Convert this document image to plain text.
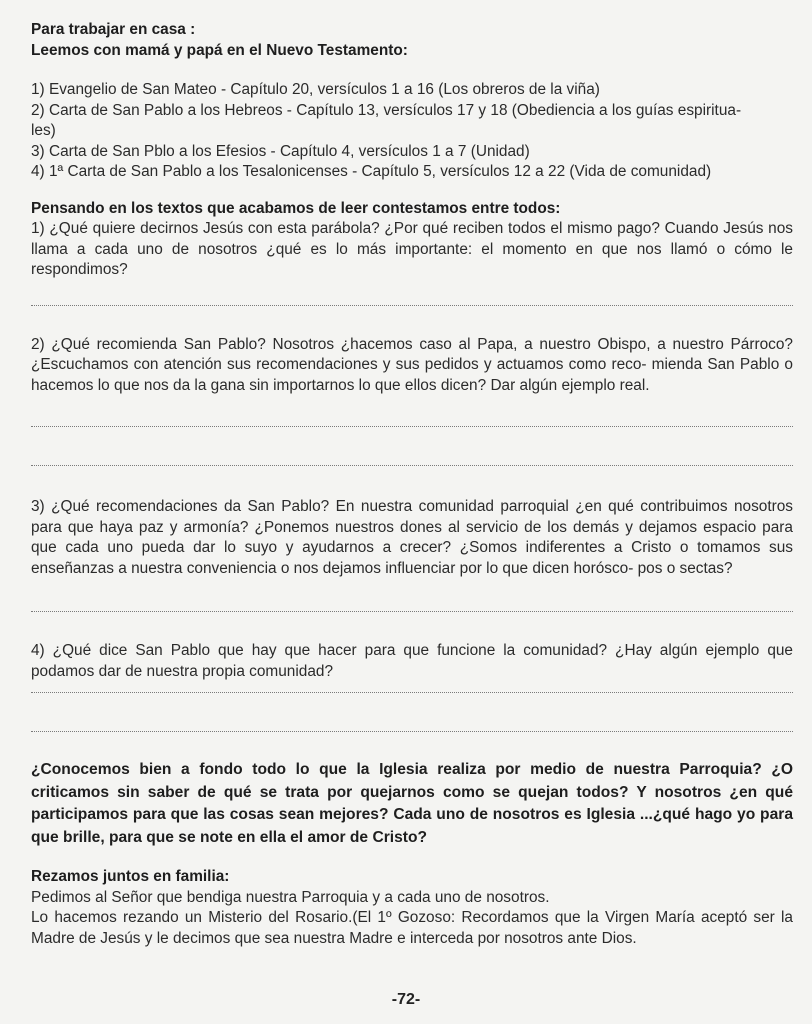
Para trabajar en casa :

Leemos con mamá y papá en el Nuevo Testamento:

1) Evangelio de San Mateo - Capítulo 20, versículos 1 a 16 (Los obreros de la viña)

2) Carta de San Pablo a los Hebreos - Capítulo 13, versículos 17 y 18 (Obediencia a los guías espiritua-

les)

3) Carta de San Pblo a los Efesios - Capítulo 4, versículos 1 a 7 (Unidad)

4) 1ª Carta de San Pablo a los Tesalonicenses - Capítulo 5, versículos 12 a 22 (Vida de comunidad)

Pensando en los textos que acabamos de leer contestamos entre todos:

1) ¿Qué quiere decirnos Jesús con esta parábola? ¿Por qué reciben todos el mismo pago? Cuando Jesús nos llama a cada uno de nosotros ¿qué es lo más importante: el momento en que nos llamó o cómo le respondimos?

2) ¿Qué recomienda San Pablo? Nosotros ¿hacemos caso al Papa, a nuestro Obispo, a nuestro Párroco? ¿Escuchamos con atención sus recomendaciones y sus pedidos y actuamos como reco- mienda San Pablo o hacemos lo que nos da la gana sin importarnos lo que ellos dicen? Dar algún ejemplo real.

3) ¿Qué recomendaciones da San Pablo? En nuestra comunidad parroquial ¿en qué contribuimos nosotros para que haya paz y armonía? ¿Ponemos nuestros dones al servicio de los demás y dejamos espacio para que cada uno pueda dar lo suyo y ayudarnos a crecer? ¿Somos indiferentes a Cristo o tomamos sus enseñanzas a nuestra conveniencia o nos dejamos influenciar por lo que dicen horósco- pos o sectas?

4) ¿Qué dice San Pablo que hay que hacer para que funcione la comunidad? ¿Hay algún ejemplo que podamos dar de nuestra propia comunidad?

¿Conocemos bien a fondo todo lo que la Iglesia realiza por medio de nuestra Parroquia? ¿O criticamos sin saber de qué se trata por quejarnos como se quejan todos? Y nosotros ¿en qué participamos para que las cosas sean mejores? Cada uno de nosotros es Iglesia ...¿qué hago yo para que brille, para que se note en ella el amor de Cristo?

Rezamos juntos en familia:

Pedimos al Señor que bendiga nuestra Parroquia y a cada uno de nosotros.

Lo hacemos rezando un Misterio del Rosario.(El 1º Gozoso: Recordamos que la Virgen María aceptó ser la Madre de Jesús y le decimos que sea nuestra Madre e interceda por nosotros ante Dios.

-72-
